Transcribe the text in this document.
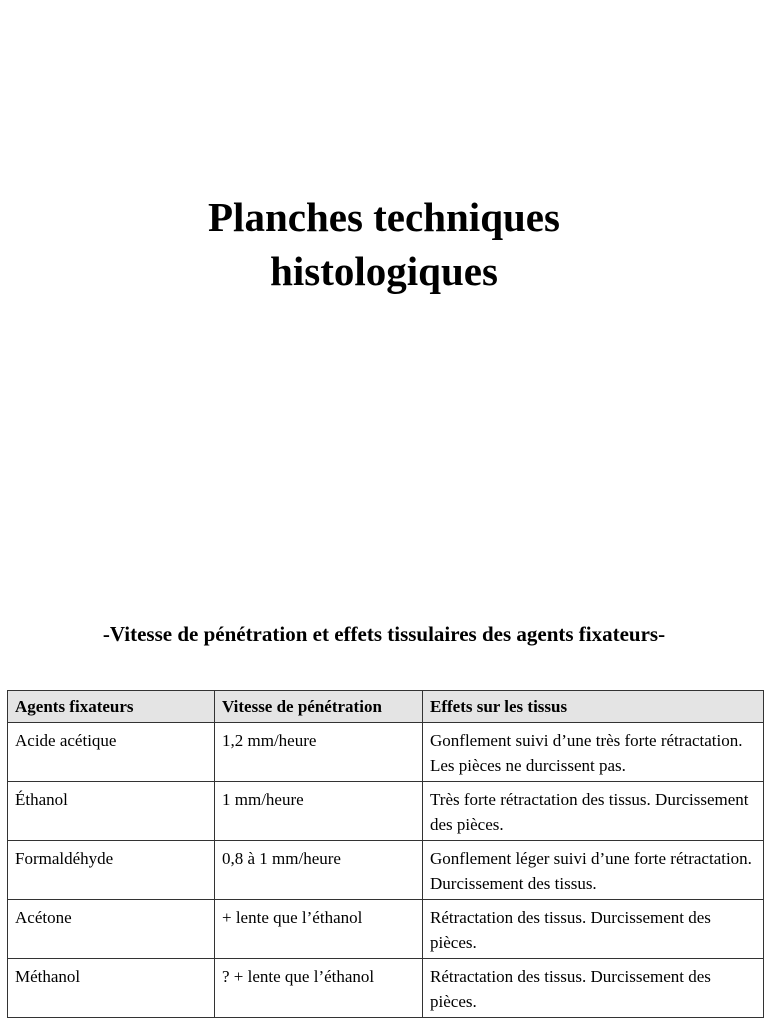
Planches techniques
histologiques
-Vitesse de pénétration et effets tissulaires des agents fixateurs-
Agents fixateurs	Vitesse de pénétration	Effets sur les tissus
Acide acétique	1,2 mm/heure	Gonflement suivi d’une très forte rétractation. Les pièces ne durcissent pas.
Éthanol	1 mm/heure	Très forte rétractation des tissus. Durcissement des pièces.
Formaldéhyde	0,8 à 1 mm/heure	Gonflement léger suivi d’une forte rétractation. Durcissement des tissus.
Acétone	+ lente que l’éthanol	Rétractation des tissus. Durcissement des pièces.
Méthanol	? + lente que l’éthanol	Rétractation des tissus. Durcissement des pièces.
